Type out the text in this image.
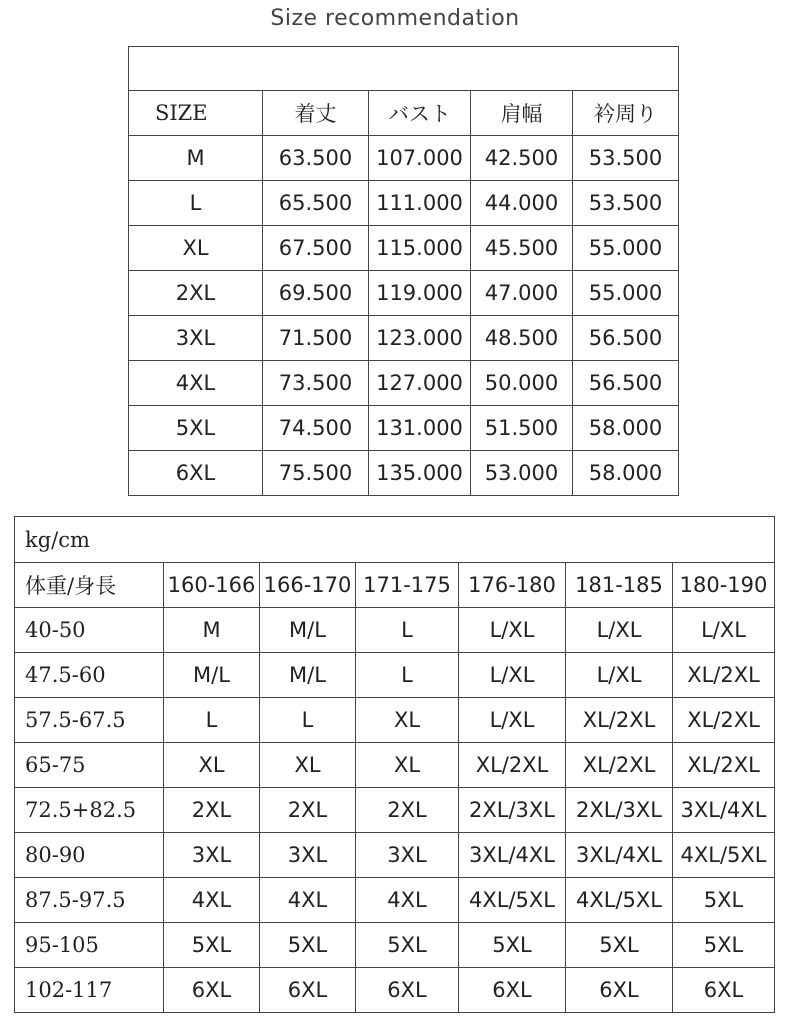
Size recommendation

SIZE	着丈	バスト	肩幅	衿周り
M	63.500	107.000	42.500	53.500
L	65.500	111.000	44.000	53.500
XL	67.500	115.000	45.500	55.000
2XL	69.500	119.000	47.000	55.000
3XL	71.500	123.000	48.500	56.500
4XL	73.500	127.000	50.000	56.500
5XL	74.500	131.000	51.500	58.000
6XL	75.500	135.000	53.000	58.000
kg/cm						
体重/身長	160-166	166-170	171-175	176-180	181-185	180-190
40-50	M	M/L	L	L/XL	L/XL	L/XL
47.5-60	M/L	M/L	L	L/XL	L/XL	XL/2XL
57.5-67.5	L	L	XL	L/XL	XL/2XL	XL/2XL
65-75	XL	XL	XL	XL/2XL	XL/2XL	XL/2XL
72.5+82.5	2XL	2XL	2XL	2XL/3XL	2XL/3XL	3XL/4XL
80-90	3XL	3XL	3XL	3XL/4XL	3XL/4XL	4XL/5XL
87.5-97.5	4XL	4XL	4XL	4XL/5XL	4XL/5XL	5XL
95-105	5XL	5XL	5XL	5XL	5XL	5XL
102-117	6XL	6XL	6XL	6XL	6XL	6XL
